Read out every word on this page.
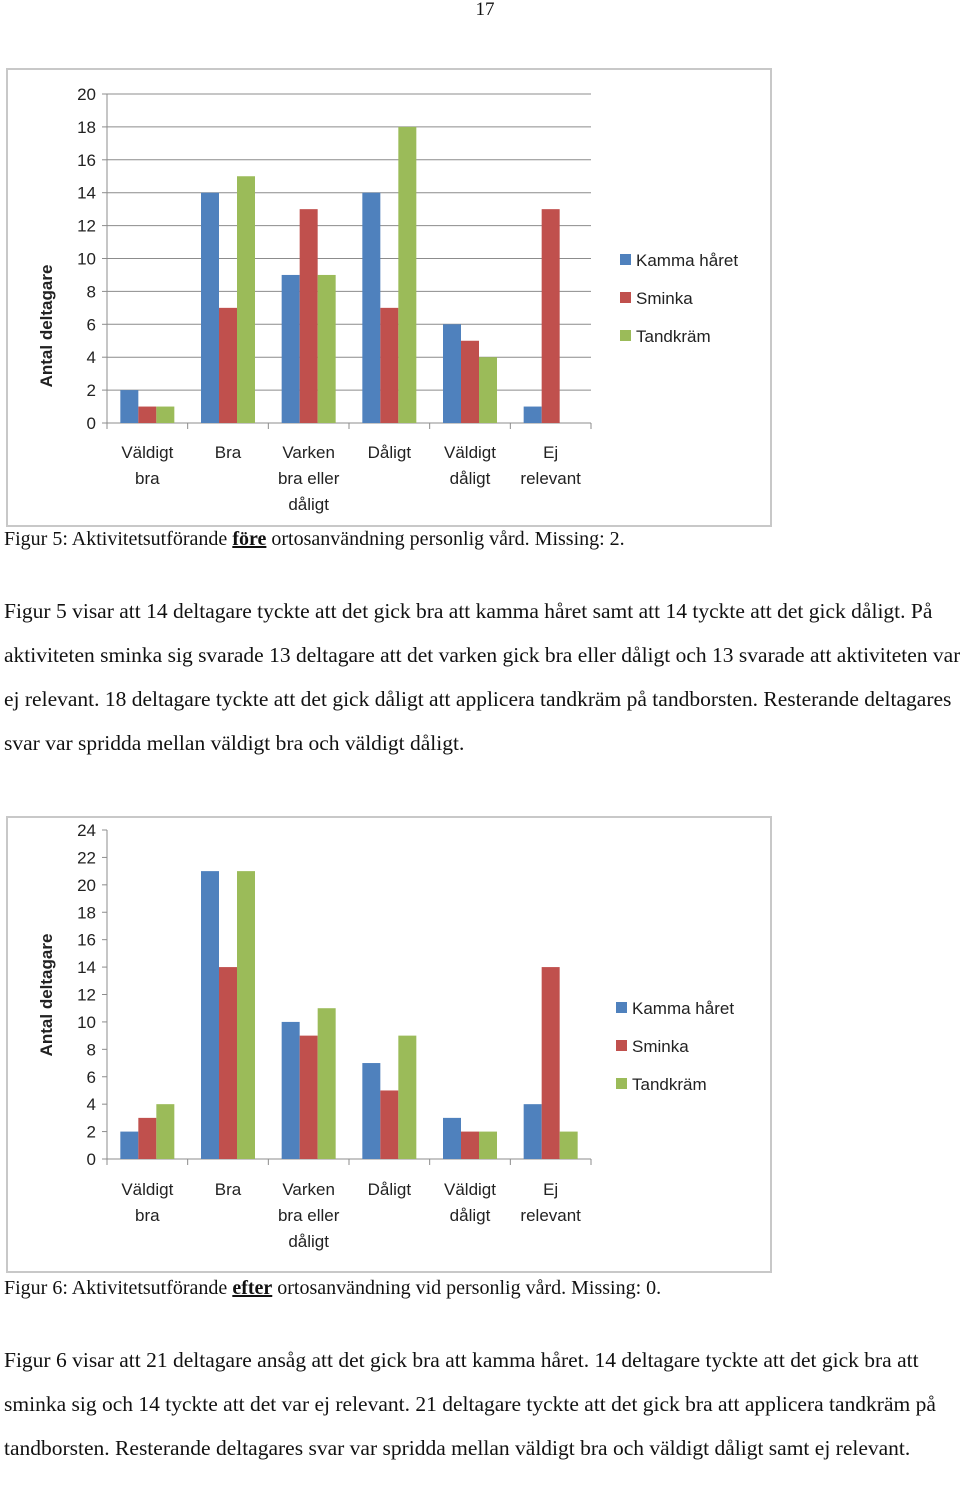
17
0
2
4
6
8
10
12
14
16
18
20
Väldigt bra
Bra Varken bra eller dåligt
Dåligt Väldigt dåligt
Ej relevant
Antal deltagare
Kamma håret
Sminka
Tandkräm
Figur 5: Aktivitetsutförande före ortosanvändning personlig vård. Missing: 2.

Figur 5 visar att 14 deltagare tyckte att det gick bra att kamma håret samt att 14 tyckte att det gick dåligt. På aktiviteten sminka sig svarade 13 deltagare att det varken gick bra eller dåligt och 13 svarade att aktiviteten var ej relevant. 18 deltagare tyckte att det gick dåligt att applicera tandkräm på tandborsten. Resterande deltagares svar var spridda mellan väldigt bra och väldigt dåligt.

0
2
4
6
8
10
12
14
16
18
20
22
24
Väldigt bra
Bra Varken bra eller dåligt
Dåligt Väldigt dåligt
Ej relevant
Antal deltagare	Kamma håret
Sminka
Tandkräm
Figur 6: Aktivitetsutförande efter ortosanvändning vid personlig vård. Missing: 0.

Figur 6 visar att 21 deltagare ansåg att det gick bra att kamma håret. 14 deltagare tyckte att det gick bra att sminka sig och 14 tyckte att det var ej relevant. 21 deltagare tyckte att det gick bra att applicera tandkräm på tandborsten. Resterande deltagares svar var spridda mellan väldigt bra och väldigt dåligt samt ej relevant.
